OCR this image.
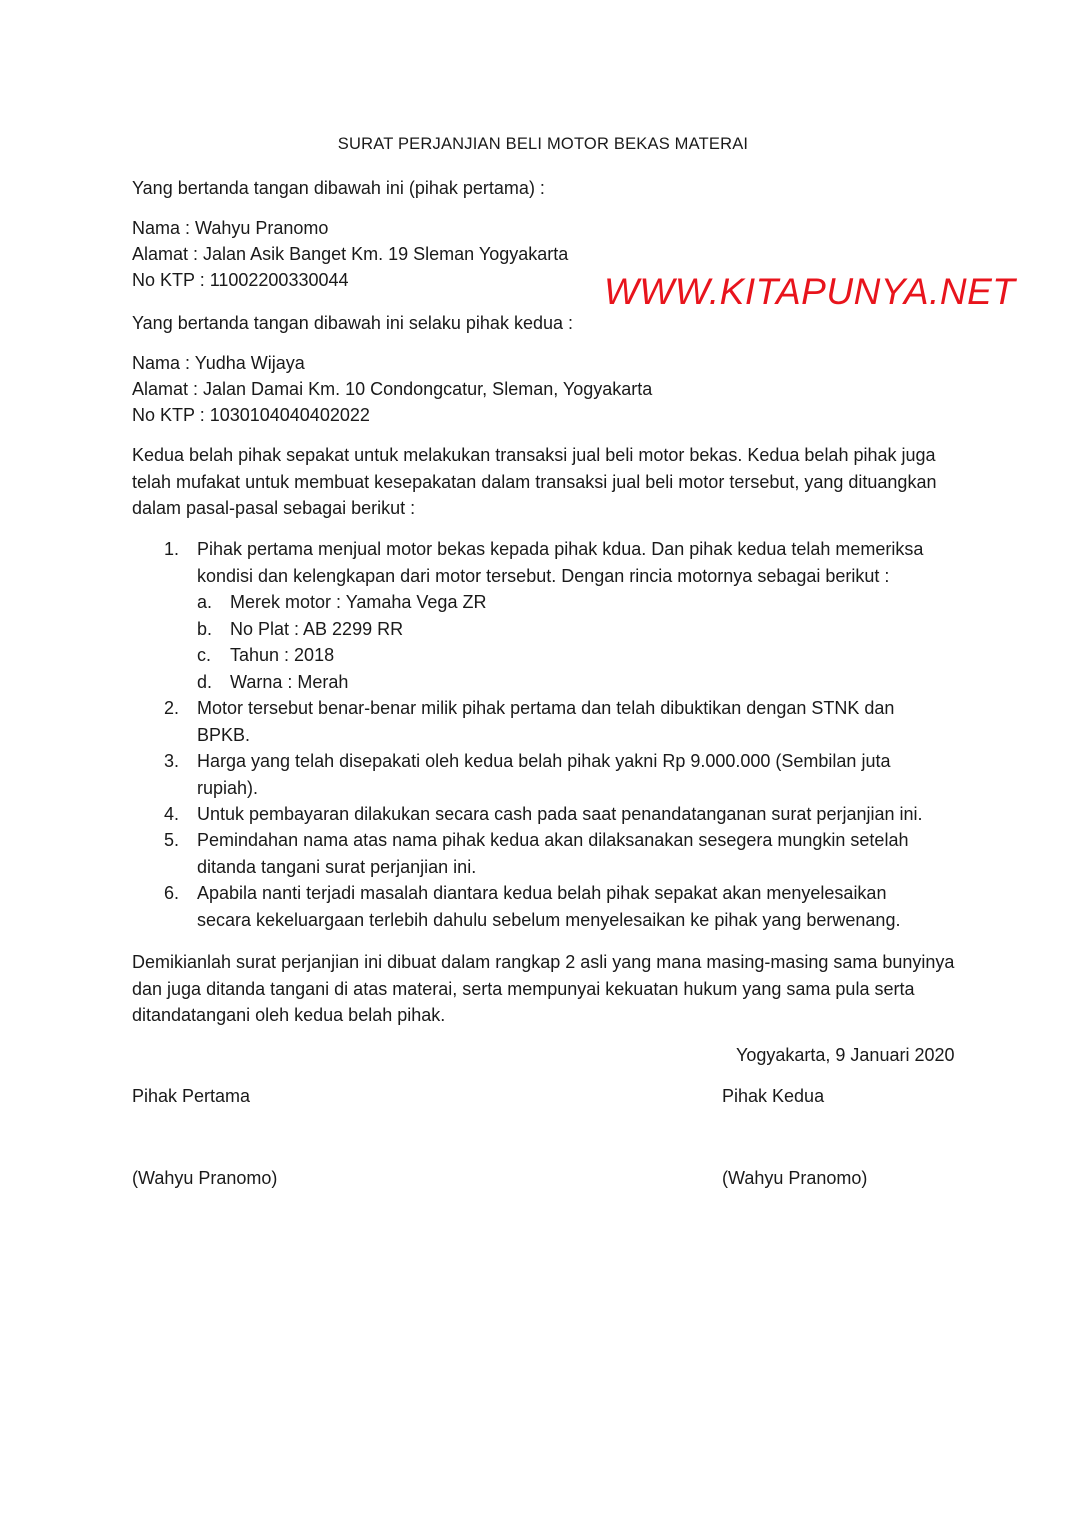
SURAT PERJANJIAN BELI MOTOR BEKAS MATERAI
Yang bertanda tangan dibawah ini (pihak pertama) :
Nama : Wahyu Pranomo
Alamat : Jalan Asik Banget Km. 19 Sleman Yogyakarta
No KTP : 11002200330044	WWW.KITAPUNYA.NET
Yang bertanda tangan dibawah ini selaku pihak kedua :
Nama : Yudha Wijaya
Alamat : Jalan Damai Km. 10 Condongcatur, Sleman, Yogyakarta
No KTP : 1030104040402022
Kedua belah pihak sepakat untuk melakukan transaksi jual beli motor bekas. Kedua belah pihak juga telah mufakat untuk membuat kesepakatan dalam transaksi jual beli motor tersebut, yang dituangkan dalam pasal-pasal sebagai berikut :
1. Pihak pertama menjual motor bekas kepada pihak kdua. Dan pihak kedua telah memeriksa kondisi dan kelengkapan dari motor tersebut. Dengan rincia motornya sebagai berikut :
a. Merek motor : Yamaha Vega ZR
b. No Plat : AB 2299 RR
c. Tahun : 2018
d. Warna : Merah
2. Motor tersebut benar-benar milik pihak pertama dan telah dibuktikan dengan STNK dan BPKB.
3. Harga yang telah disepakati oleh kedua belah pihak yakni Rp 9.000.000 (Sembilan juta rupiah).
4. Untuk pembayaran dilakukan secara cash pada saat penandatanganan surat perjanjian ini.
5. Pemindahan nama atas nama pihak kedua akan dilaksanakan sesegera mungkin setelah ditanda tangani surat perjanjian ini.
6. Apabila nanti terjadi masalah diantara kedua belah pihak sepakat akan menyelesaikan secara kekeluargaan terlebih dahulu sebelum menyelesaikan ke pihak yang berwenang.
Demikianlah surat perjanjian ini dibuat dalam rangkap 2 asli yang mana masing-masing sama bunyinya dan juga ditanda tangani di atas materai, serta mempunyai kekuatan hukum yang sama pula serta ditandatangani oleh kedua belah pihak.
Yogyakarta, 9 Januari 2020
Pihak Pertama	Pihak Kedua
(Wahyu Pranomo)	(Wahyu Pranomo)
